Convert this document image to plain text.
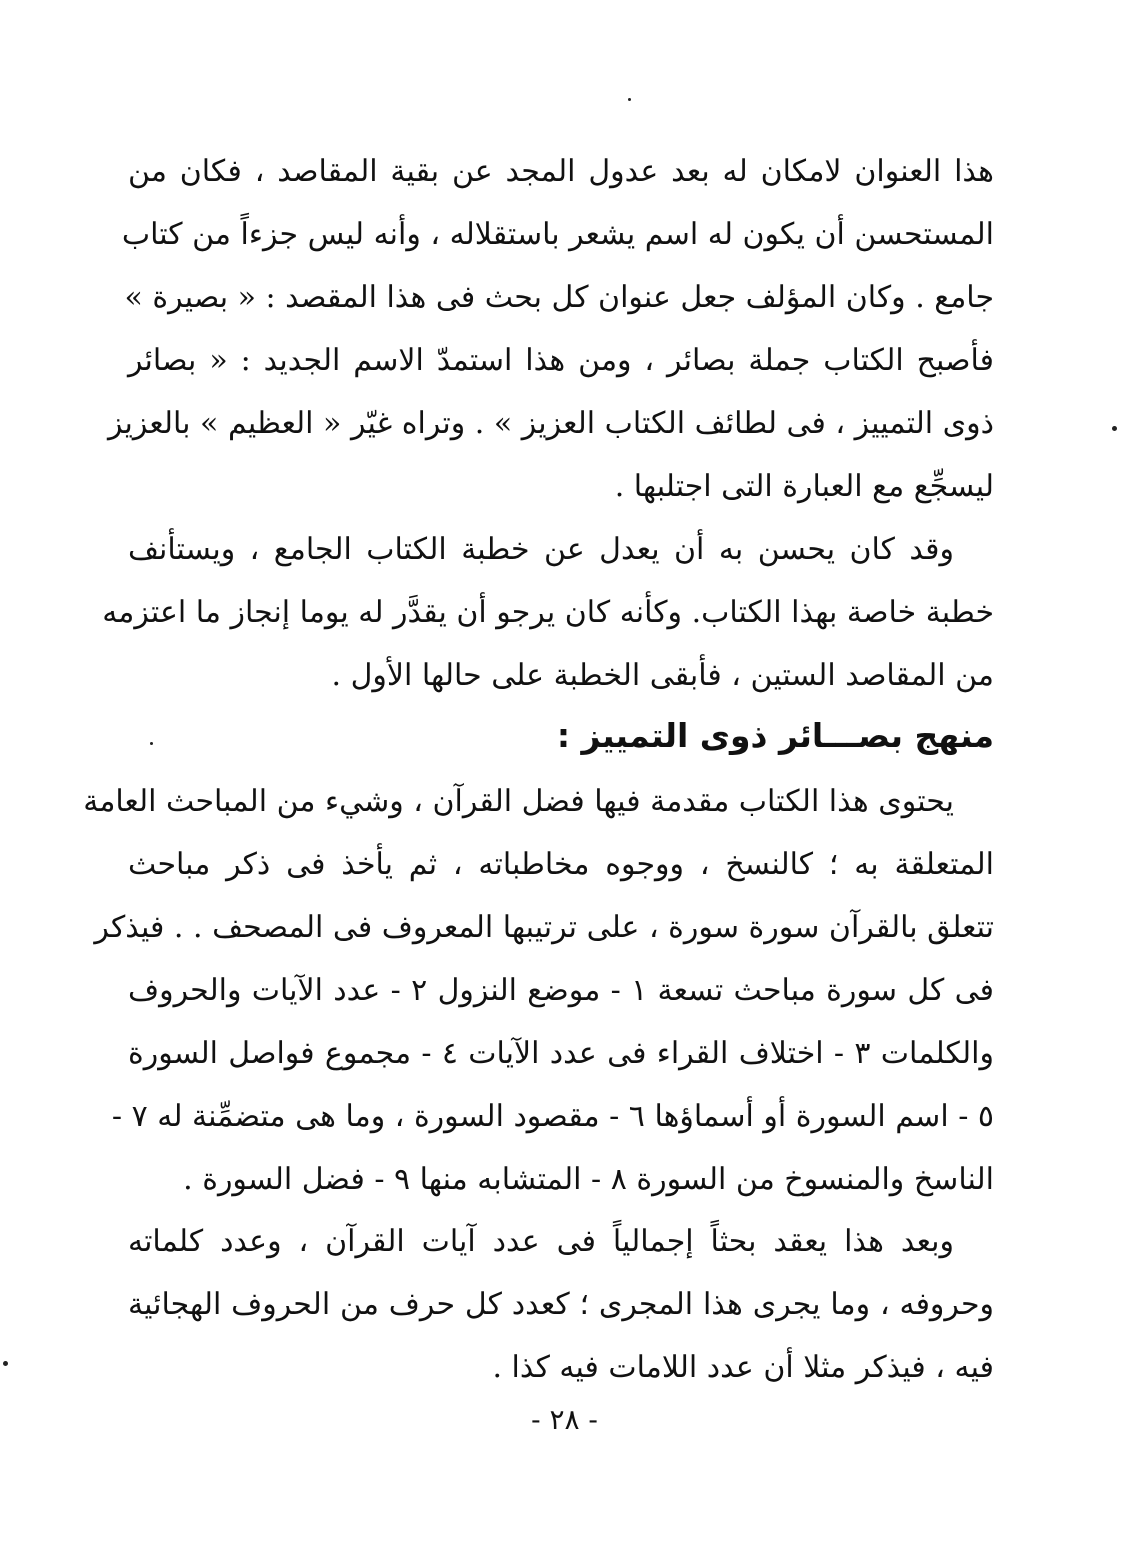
هذا العنوان لامكان له بعد عدول المجد عن بقية المقاصد ، فكان من
المستحسن أن يكون له اسم يشعر باستقلاله ، وأنه ليس جزءاً من كتاب
جامع . وكان المؤلف جعل عنوان كل بحث فى هذا المقصد : « بصيرة »
فأصبح الكتاب جملة بصائر ، ومن هذا استمدّ الاسم الجديد : « بصائر
ذوى التمييز ، فى لطائف الكتاب العزيز » . وتراه غيّر « العظيم » بالعزيز
ليسجِّع مع العبارة التى اجتلبها .
وقد كان يحسن به أن يعدل عن خطبة الكتاب الجامع ، ويستأنف
خطبة خاصة بهذا الكتاب. وكأنه كان يرجو أن يقدَّر له يوما إنجاز ما اعتزمه
من المقاصد الستين ، فأبقى الخطبة على حالها الأول .
منهج بصـــائر ذوى التمييز :
يحتوى هذا الكتاب مقدمة فيها فضل القرآن ، وشيء من المباحث العامة
المتعلقة به ؛ كالنسخ ، ووجوه مخاطباته ، ثم يأخذ فى ذكر مباحث
تتعلق بالقرآن سورة سورة ، على ترتيبها المعروف فى المصحف . . فيذكر
فى كل سورة مباحث تسعة ١ - موضع النزول ٢ - عدد الآيات والحروف
والكلمات ٣ - اختلاف القراء فى عدد الآيات ٤ - مجموع فواصل السورة
٥ - اسم السورة أو أسماؤها ٦ - مقصود السورة ، وما هى متضمِّنة له ٧ -
الناسخ والمنسوخ من السورة ٨ - المتشابه منها ٩ - فضل السورة .
وبعد هذا يعقد بحثاً إجمالياً فى عدد آيات القرآن ، وعدد كلماته
وحروفه ، وما يجرى هذا المجرى ؛ كعدد كل حرف من الحروف الهجائية
فيه ، فيذكر مثلا أن عدد اللامات فيه كذا .
- ٢٨ -
